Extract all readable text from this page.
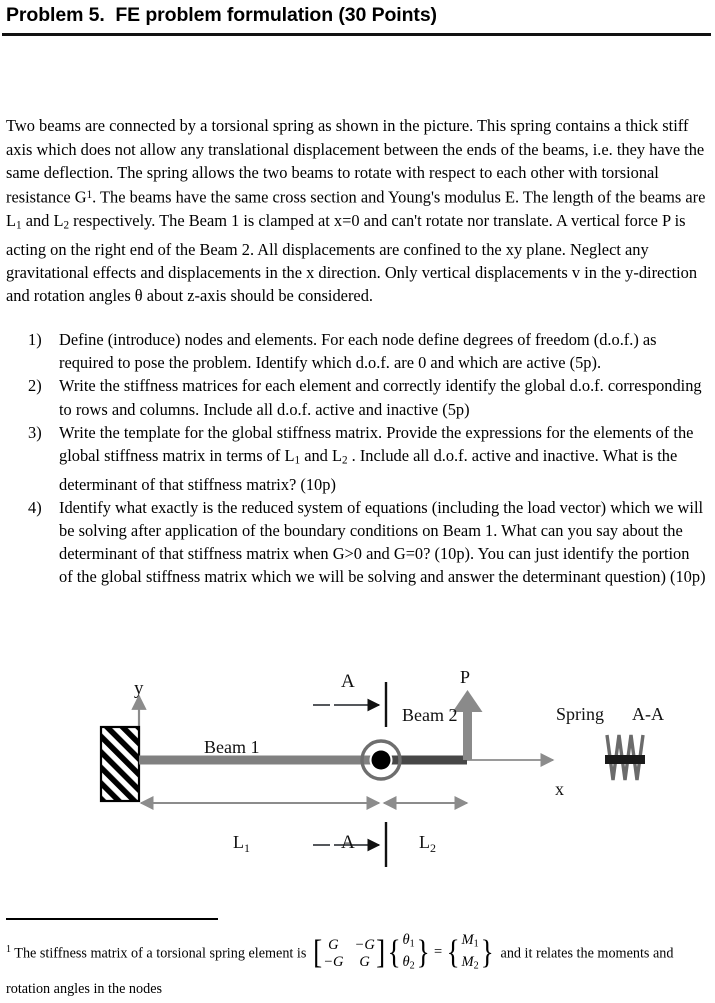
Problem 5.  FE problem formulation (30 Points)

Two beams are connected by a torsional spring as shown in the picture. This spring contains a thick stiff axis which does not allow any translational displacement between the ends of the beams, i.e. they have the same deflection. The spring allows the two beams to rotate with respect to each other with torsional resistance $G^1$. The beams have the same cross section and Young's modulus E. The length of the beams are $L_1$ and $L_2$ respectively. The Beam 1 is clamped at x=0 and can't rotate nor translate. A vertical force P is acting on the right end of the Beam 2. All displacements are confined to the xy plane. Neglect any gravitational effects and displacements in the x direction. Only vertical displacements v in the y-direction and rotation angles θ about z-axis should be considered.

1)	Define (introduce) nodes and elements. For each node define degrees of freedom (d.o.f.) as required to pose the problem. Identify which d.o.f. are 0 and which are active (5p).
2)	Write the stiffness matrices for each element and correctly identify the global d.o.f. corresponding to rows and columns. Include all d.o.f. active and inactive (5p)
3)	Write the template for the global stiffness matrix. Provide the expressions for the elements of the global stiffness matrix in terms of $L_1$ and $L_2$ . Include all d.o.f. active and inactive. What is the determinant of that stiffness matrix? (10p)
4)	Identify what exactly is the reduced system of equations (including the load vector) which we will be solving after application of the boundary conditions on Beam 1. What can you say about the determinant of that stiffness matrix when G>0 and G=0? (10p). You can just identify the portion of the global stiffness matrix which we will be solving and answer the determinant question) (10p)
y
x
Beam 1
Beam 2
P
A
A
Spring A-A
$L_1$	$L_2$
$^1$ The stiffness matrix of a torsional spring element is [ G	−G
−G	G ]{ $\theta_1$
$\theta_2$ } = { $M_1$
$M_2$ } and it relates the moments and rotation angles in the nodes
